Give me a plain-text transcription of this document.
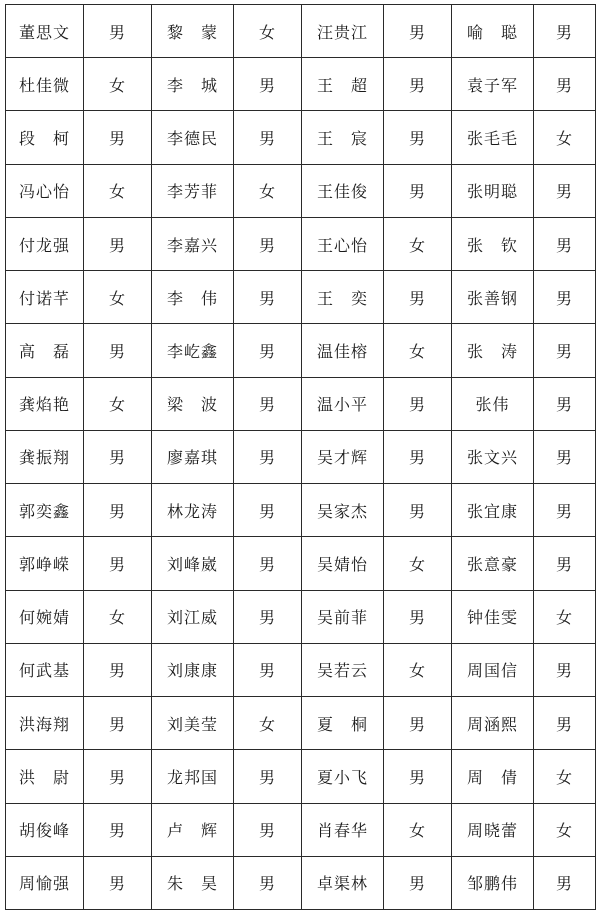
董思文	男	黎　蒙	女	汪贵江	男	喻　聪	男
杜佳微	女	李　城	男	王　超	男	袁子军	男
段　柯	男	李德民	男	王　宸	男	张毛毛	女
冯心怡	女	李芳菲	女	王佳俊	男	张明聪	男
付龙强	男	李嘉兴	男	王心怡	女	张　钦	男
付诺芊	女	李　伟	男	王　奕	男	张善钢	男
高　磊	男	李屹鑫	男	温佳榕	女	张　涛	男
龚焰艳	女	梁　波	男	温小平	男	张伟	男
龚振翔	男	廖嘉琪	男	吴才辉	男	张文兴	男
郭奕鑫	男	林龙涛	男	吴家杰	男	张宜康	男
郭峥嵘	男	刘峰崴	男	吴婧怡	女	张意豪	男
何婉婧	女	刘江威	男	吴前菲	男	钟佳雯	女
何武基	男	刘康康	男	吴若云	女	周国信	男
洪海翔	男	刘美莹	女	夏　桐	男	周涵熙	男
洪　尉	男	龙邦国	男	夏小飞	男	周　倩	女
胡俊峰	男	卢　辉	男	肖春华	女	周晓蕾	女
周愉强	男	朱　昊	男	卓渠林	男	邹鹏伟	男
